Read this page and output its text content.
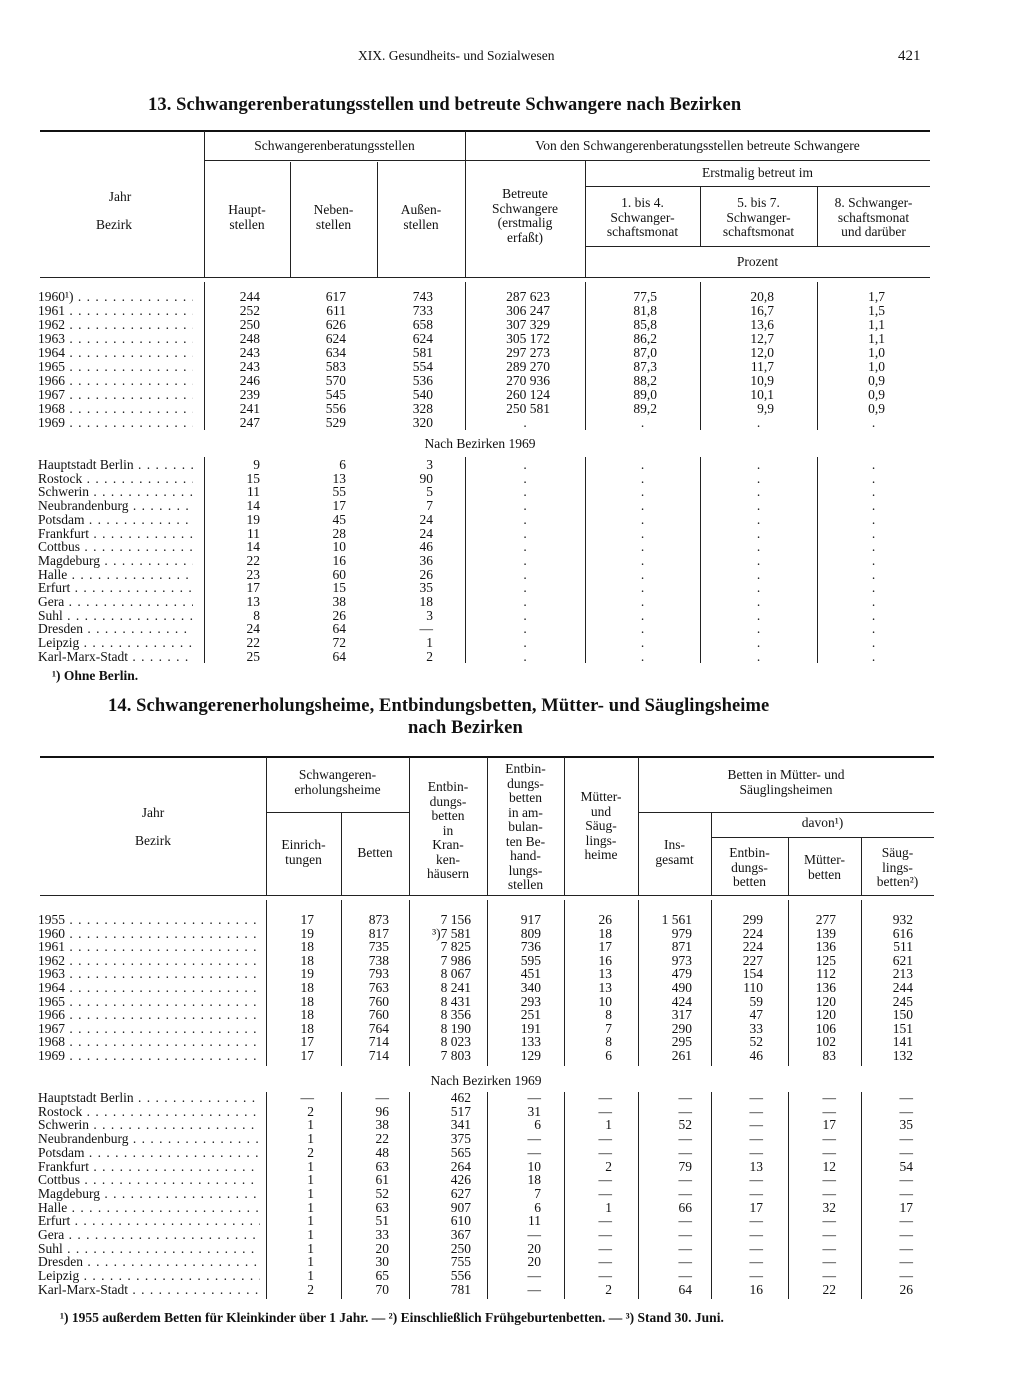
XIX. Gesundheits- und Sozialwesen	421
13. Schwangerenberatungsstellen und betreute Schwangere nach Bezirken
Jahr
Bezirk
Schwangerenberatungsstellen	Von den Schwangerenberatungsstellen betreute Schwangere
Erstmalig betreut im
Haupt-
stellen
Neben-
stellen
Außen-
stellen
Betreute
Schwangere
(erstmalig
erfaßt)
1. bis 4.
Schwanger-
schaftsmonat
5. bis 7.
Schwanger-
schaftsmonat
8. Schwanger-
schaftsmonat
und darüber
Prozent
Nach Bezirken 1969
1960¹) . . .	244	617	743	287 623	77,5	20,8	1,7
1961 . . .	252	611	733	306 247	81,8	16,7	1,5
1962 . . .	250	626	658	307 329	85,8	13,6	1,1
1963 . . .	248	624	624	305 172	86,2	12,7	1,1
1964 . . .	243	634	581	297 273	87,0	12,0	1,0
1965 . . .	243	583	554	289 270	87,3	11,7	1,0
1966 . . .	246	570	536	270 936	88,2	10,9	0,9
1967 . . .	239	545	540	260 124	89,0	10,1	0,9
1968 . . .	241	556	328	250 581	89,2	9,9	0,9
1969 . . .	247	529	320	.	.	.	.
Hauptstadt Berlin . . .	9	6	3	.	.	.	.
Rostock . . .	15	13	90	.	.	.	.
Schwerin . . .	11	55	5	.	.	.	.
Neubrandenburg . . .	14	17	7	.	.	.	.
Potsdam . . .	19	45	24	.	.	.	.
Frankfurt . . .	11	28	24	.	.	.	.
Cottbus . . .	14	10	46	.	.	.	.
Magdeburg . . .	22	16	36	.	.	.	.
Halle . . .	23	60	26	.	.	.	.
Erfurt . . .	17	15	35	.	.	.	.
Gera . . .	13	38	18	.	.	.	.
Suhl . . .	8	26	3	.	.	.	.
Dresden . . .	24	64	—	.	.	.	.
Leipzig . . .	22	72	1	.	.	.	.
Karl-Marx-Stadt . . .	25	64	2	.	.	.	.
¹) Ohne Berlin.
14. Schwangerenerholungsheime, Entbindungsbetten, Mütter- und Säuglingsheime
nach Bezirken
Jahr
Bezirk
Schwangeren-
erholungsheime
Einrich-
tungen	Betten
Entbin-
dungs-
betten
in
Kran-
ken-
häusern
Entbin-
dungs-
betten
in am-
bulan-
ten Be-
hand-
lungs-
stellen
Mütter-
und
Säug-
lings-
heime
Betten in Mütter- und
Säuglingsheimen
Ins-
gesamt
davon¹)
Entbin-
dungs-
betten
Mütter-
betten
Säug-
lings-
betten²)
Nach Bezirken 1969
1955 . . .	17	873	7 156	917	26	1 561	299	277	932
1960 . . .	19	817	³)7 581	809	18	979	224	139	616
1961 . . .	18	735	7 825	736	17	871	224	136	511
1962 . . .	18	738	7 986	595	16	973	227	125	621
1963 . . .	19	793	8 067	451	13	479	154	112	213
1964 . . .	18	763	8 241	340	13	490	110	136	244
1965 . . .	18	760	8 431	293	10	424	59	120	245
1966 . . .	18	760	8 356	251	8	317	47	120	150
1967 . . .	18	764	8 190	191	7	290	33	106	151
1968 . . .	17	714	8 023	133	8	295	52	102	141
1969 . . .	17	714	7 803	129	6	261	46	83	132
Hauptstadt Berlin . . .	—	—	462	—	—	—	—	—	—
Rostock . . .	2	96	517	31	—	—	—	—	—
Schwerin . . .	1	38	341	6	1	52	—	17	35
Neubrandenburg . . .	1	22	375	—	—	—	—	—	—
Potsdam . . .	2	48	565	—	—	—	—	—	—
Frankfurt . . .	1	63	264	10	2	79	13	12	54
Cottbus . . .	1	61	426	18	—	—	—	—	—
Magdeburg . . .	1	52	627	7	—	—	—	—	—
Halle . . .	1	63	907	6	1	66	17	32	17
Erfurt . . .	1	51	610	11	—	—	—	—	—
Gera . . .	1	33	367	—	—	—	—	—	—
Suhl . . .	1	20	250	20	—	—	—	—	—
Dresden . . .	1	30	755	20	—	—	—	—	—
Leipzig . . .	1	65	556	—	—	—	—	—	—
Karl-Marx-Stadt . . .	2	70	781	—	2	64	16	22	26
¹) 1955 außerdem Betten für Kleinkinder über 1 Jahr. — ²) Einschließlich Frühgeburtenbetten. — ³) Stand 30. Juni.
